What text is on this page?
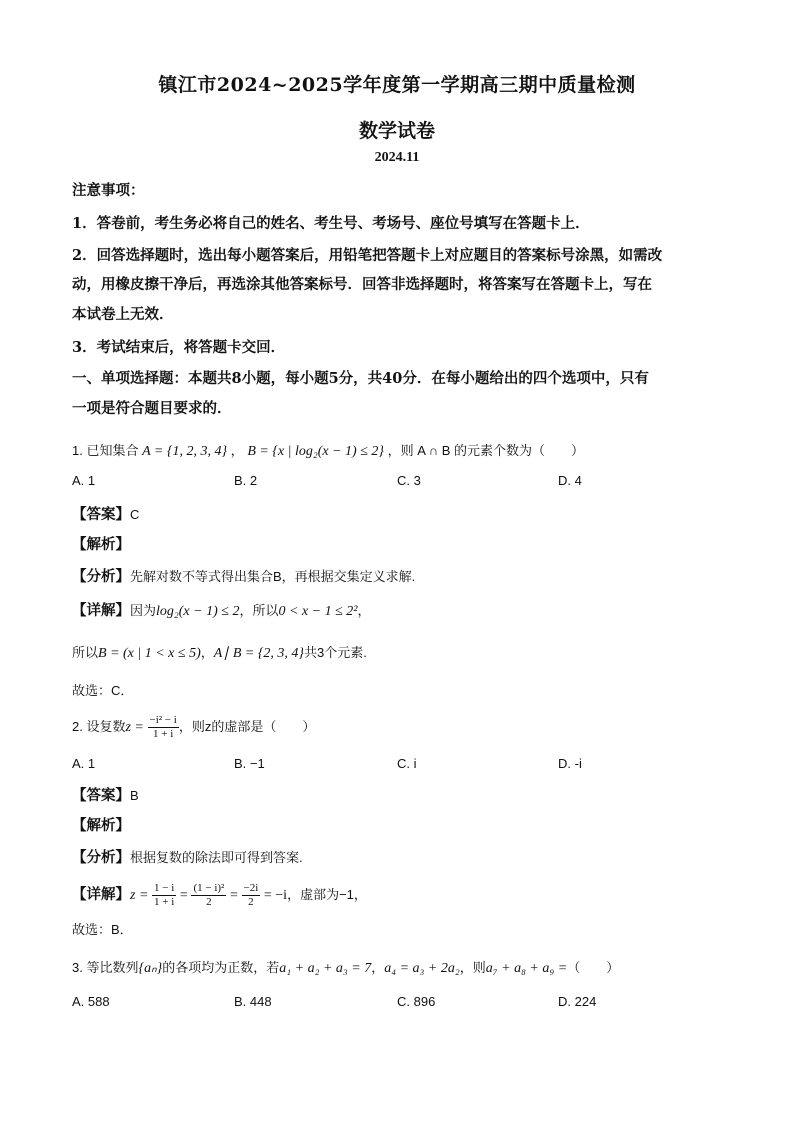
镇江市2024~2025学年度第一学期高三期中质量检测
数学试卷
2024.11
注意事项：
1．答卷前，考生务必将自己的姓名、考生号、考场号、座位号填写在答题卡上．
2．回答选择题时，选出每小题答案后，用铅笔把答题卡上对应题目的答案标号涂黑，如需改
动，用橡皮擦干净后，再选涂其他答案标号．回答非选择题时，将答案写在答题卡上，写在
本试卷上无效．
3．考试结束后，将答题卡交回．
一、单项选择题：本题共8小题，每小题5分，共40分．在每小题给出的四个选项中，只有
一项是符合题目要求的．
1. 已知集合 A = {1, 2, 3, 4} ， B = {x | log₂(x − 1) ≤ 2} ，则 A ∩ B 的元素个数为（　　）
A. 1	B. 2	C. 3	D. 4
【答案】C
【解析】
【分析】先解对数不等式得出集合B，再根据交集定义求解.
【详解】因为log₂(x − 1) ≤ 2，所以0 < x − 1 ≤ 2²，
所以B = (x | 1 < x ≤ 5)，A∣ B = {2, 3, 4}共3个元素.
故选：C．
2. 设复数$z = \frac{\text{−i² − i}}{1 + i}$ ，则z的虚部是（　　）
A. 1	B. −1	C. i	D. -i
【答案】B
【解析】
【分析】根据复数的除法即可得到答案.
【详解】$z = \frac{1 - i}{1 + i} = \frac{\text{(1 − i)²}}{2} = \frac{-2i}{2} = -i$，虚部为−1，
故选：B．
3. 等比数列{aₙ}的各项均为正数，若a₁ + a₂ + a₃ = 7，a₄ = a₃ + 2a₂，则a₇ + a₈ + a₉ =（　　）
A. 588	B. 448	C. 896	D. 224
